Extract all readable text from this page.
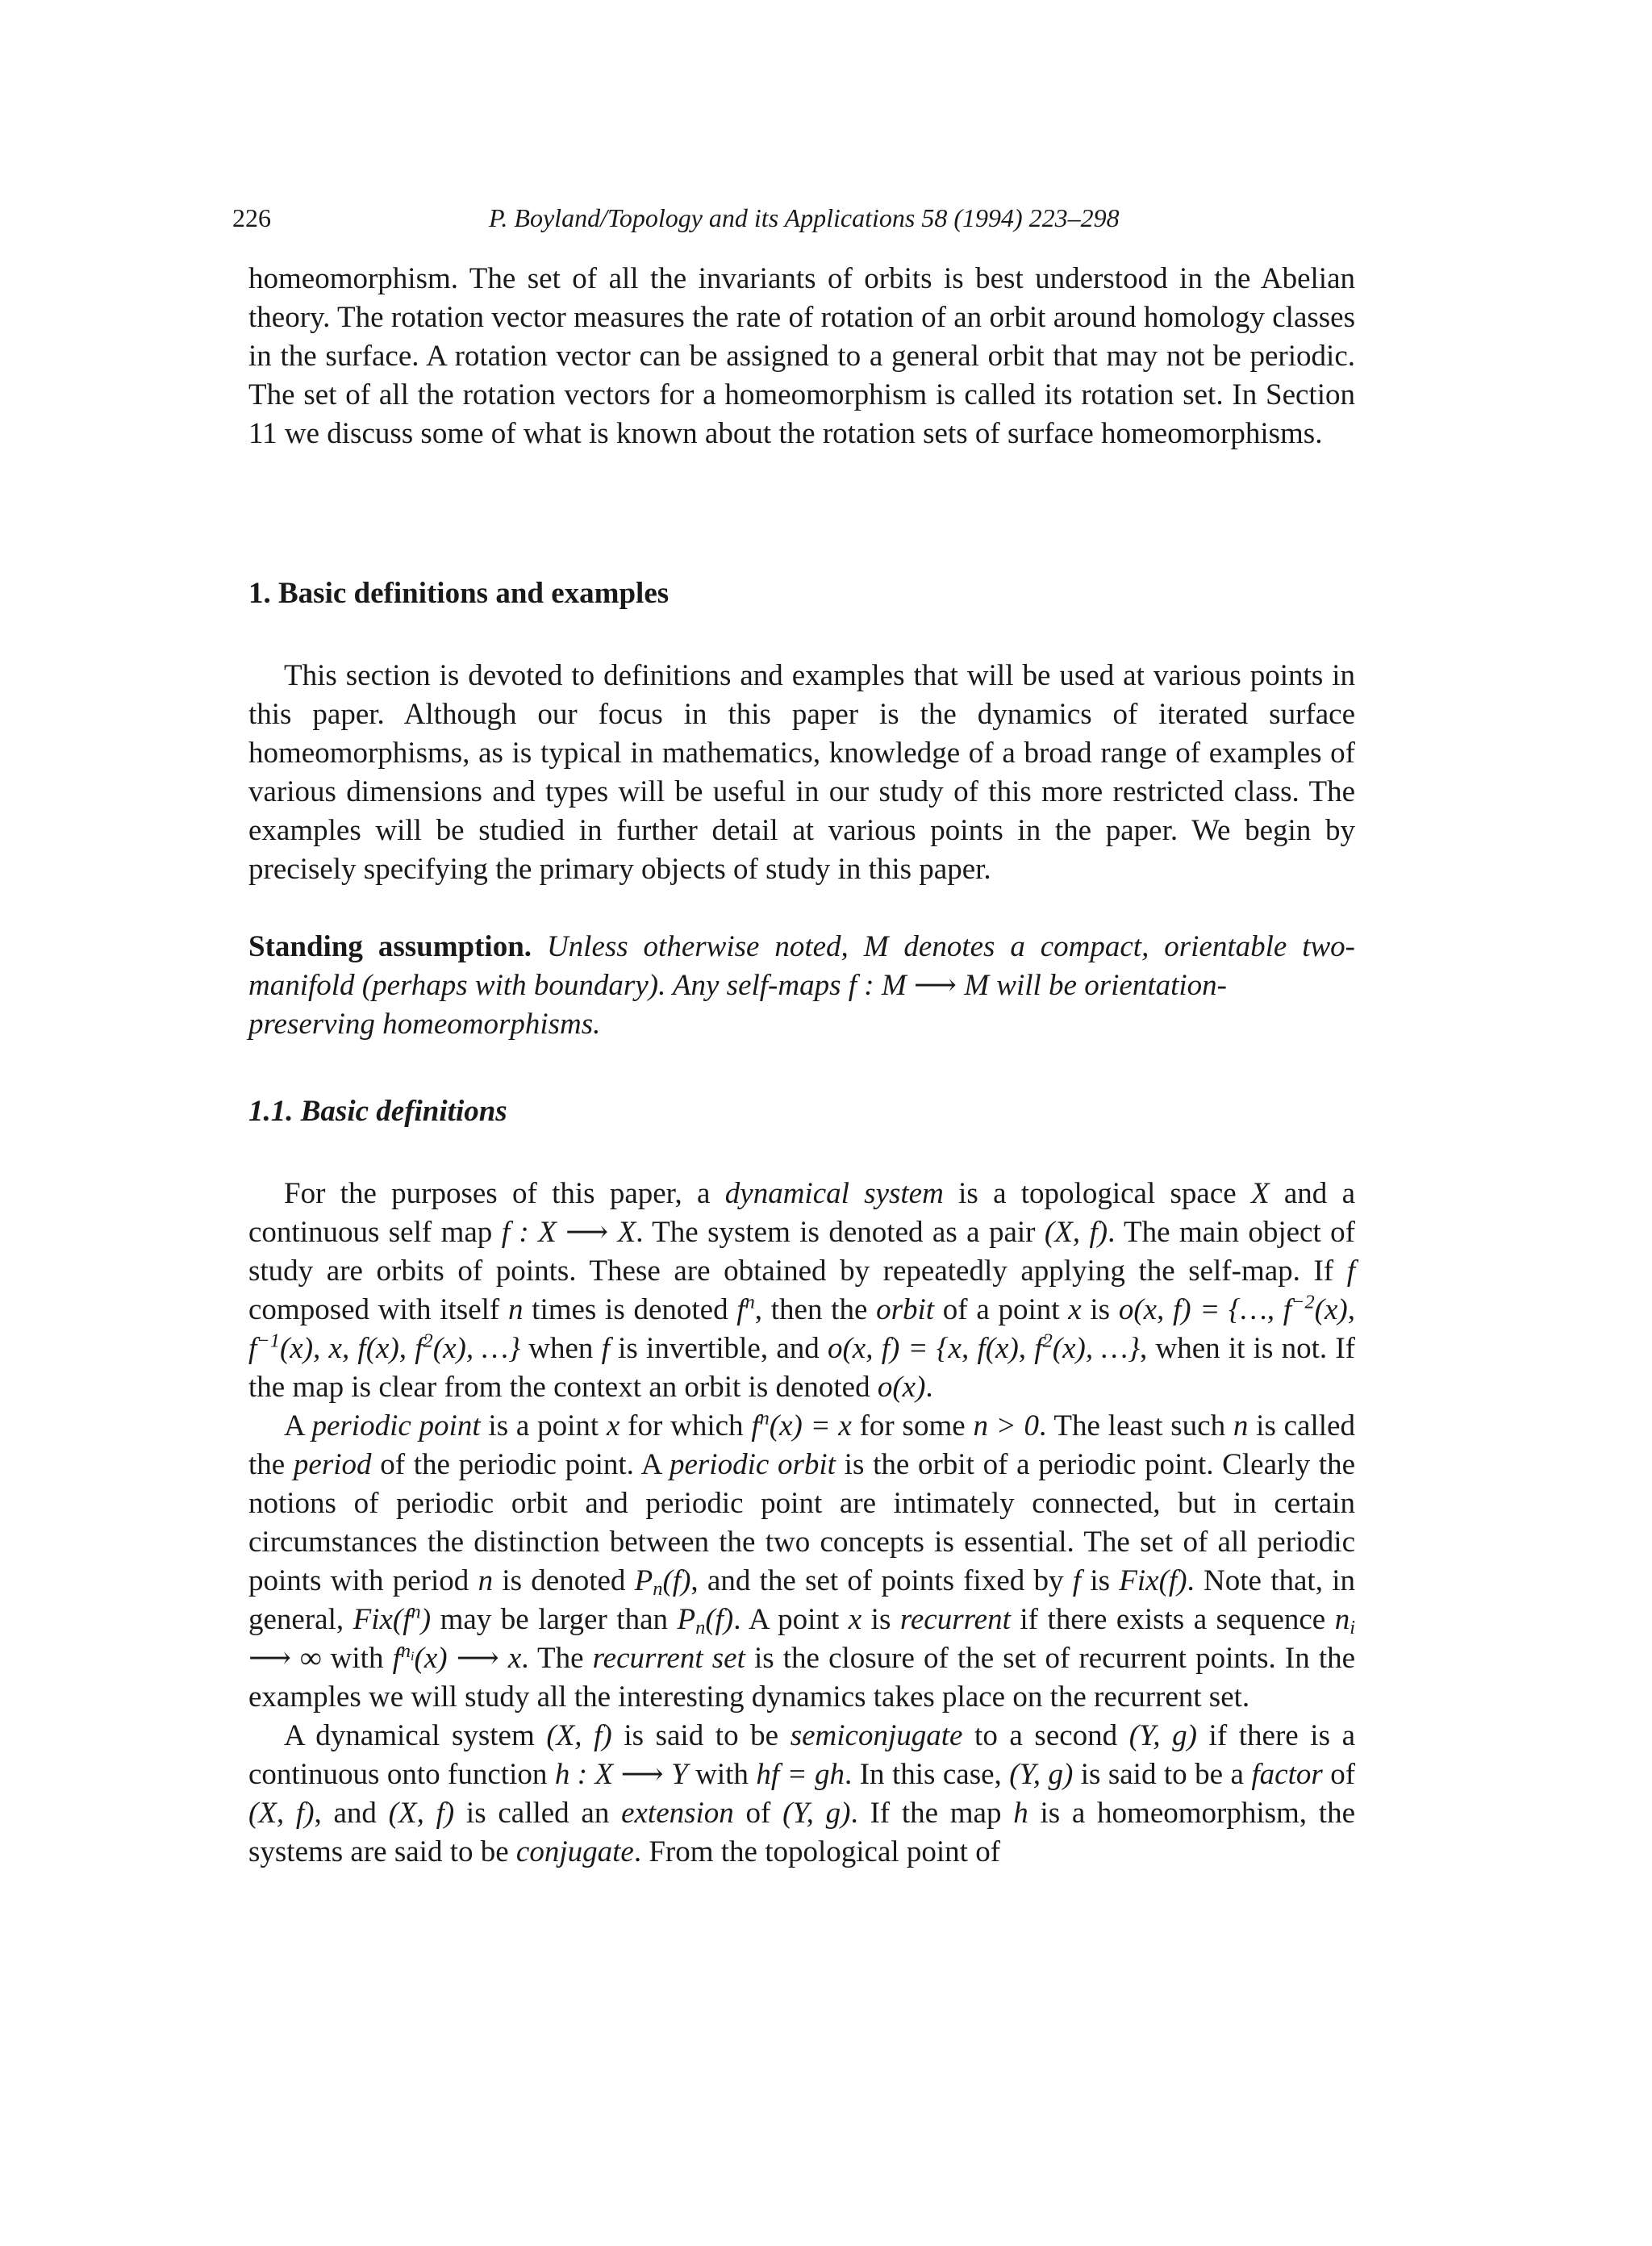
226	P. Boyland/Topology and its Applications 58 (1994) 223–298

homeomorphism. The set of all the invariants of orbits is best understood in the Abelian theory. The rotation vector measures the rate of rotation of an orbit around homology classes in the surface. A rotation vector can be assigned to a general orbit that may not be periodic. The set of all the rotation vectors for a homeomorphism is called its rotation set. In Section 11 we discuss some of what is known about the rotation sets of surface homeomorphisms.

1. Basic definitions and examples

This section is devoted to definitions and examples that will be used at various points in this paper. Although our focus in this paper is the dynamics of iterated surface homeomorphisms, as is typical in mathematics, knowledge of a broad range of examples of various dimensions and types will be useful in our study of this more restricted class. The examples will be studied in further detail at various points in the paper. We begin by precisely specifying the primary objects of study in this paper.

Standing assumption. Unless otherwise noted, M denotes a compact, orientable two-manifold (perhaps with boundary). Any self-maps f : M ⟶ M will be orientation-
preserving homeomorphisms.

1.1. Basic definitions

For the purposes of this paper, a dynamical system is a topological space X and a continuous self map f : X ⟶ X. The system is denoted as a pair (X, f). The main object of study are orbits of points. These are obtained by repeatedly applying the self-map. If f composed with itself n times is denoted $f^n$, then the orbit of a point x is o(x, f) = {…, $f^{-2}(x)$, $f^{-1}(x)$, x, f(x), $f^2(x)$, …} when f is invertible, and o(x, f) = {x, f(x), $f^2(x)$, …}, when it is not. If the map is clear from the context an orbit is denoted o(x).

A periodic point is a point x for which $f^n(x) = x$ for some n > 0. The least such n is called the period of the periodic point. A periodic orbit is the orbit of a periodic point. Clearly the notions of periodic orbit and periodic point are intimately connected, but in certain circumstances the distinction between the two concepts is essential. The set of all periodic points with period n is denoted $P_n(f)$, and the set of points fixed by f is Fix(f). Note that, in general, $Fix(f^n)$ may be larger than $P_n(f)$. A point x is recurrent if there exists a sequence $n_i$ ⟶ ∞ with $f^{n_i}(x)$ ⟶ x. The recurrent set is the closure of the set of recurrent points. In the examples we will study all the interesting dynamics takes place on the recurrent set.

A dynamical system (X, f) is said to be semiconjugate to a second (Y, g) if there is a continuous onto function h : X ⟶ Y with hf = gh. In this case, (Y, g) is said to be a factor of (X, f), and (X, f) is called an extension of (Y, g). If the map h is a homeomorphism, the systems are said to be conjugate. From the topological point of
